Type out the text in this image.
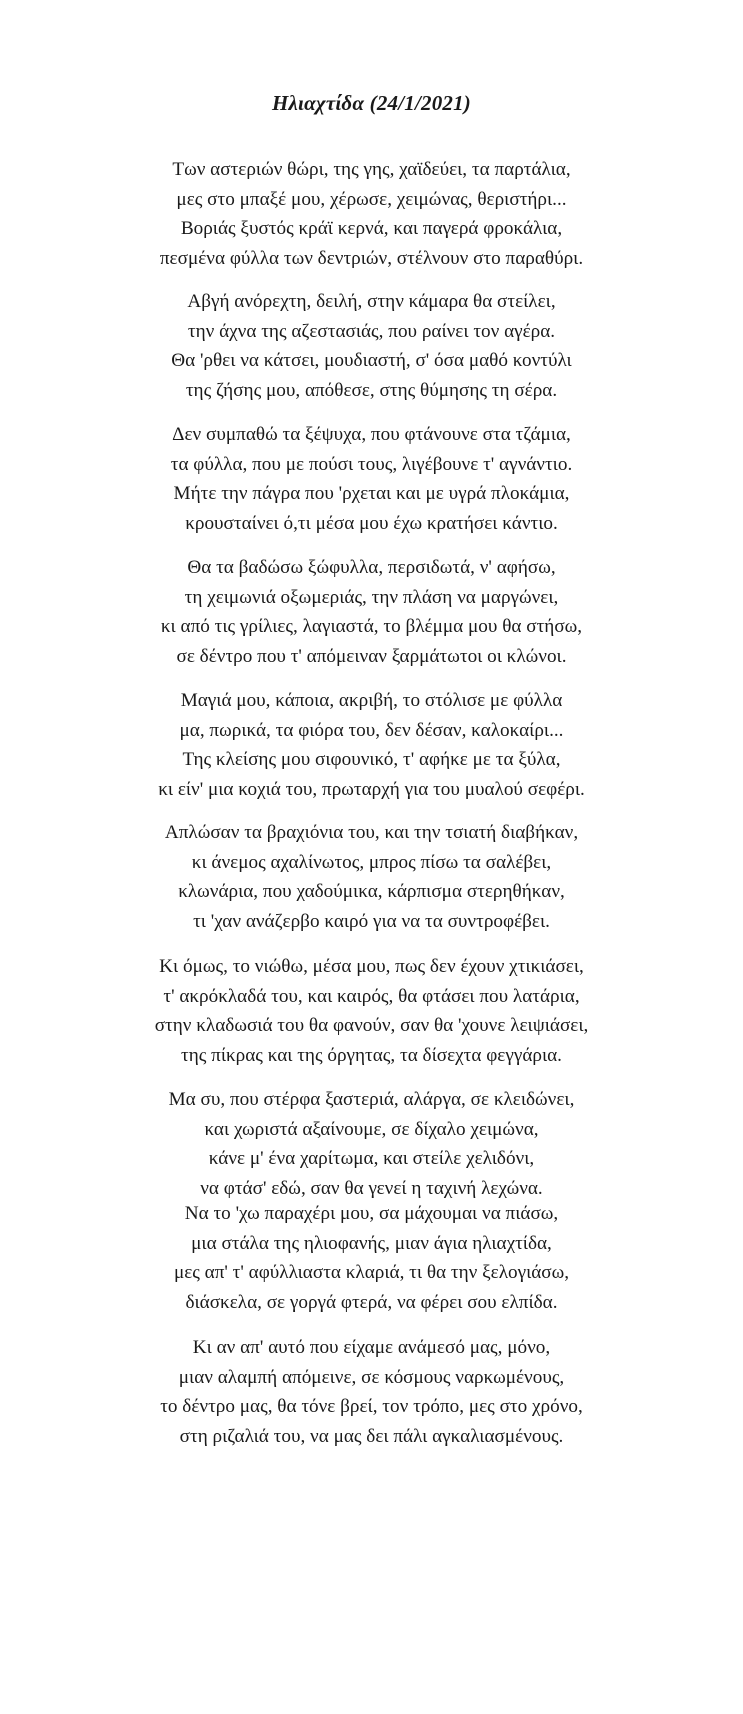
Ηλιαχτίδα (24/1/2021)
Των αστεριών θώρι, της γης, χαϊδεύει, τα παρτάλια,
μες στο μπαξέ μου, χέρωσε, χειμώνας, θεριστήρι...
Βοριάς ξυστός κράϊ κερνά, και παγερά φροκάλια,
πεσμένα φύλλα των δεντριών, στέλνουν στο παραθύρι.
Αβγή ανόρεχτη, δειλή, στην κάμαρα θα στείλει,
την άχνα της αζεστασιάς, που ραίνει τον αγέρα.
Θα 'ρθει να κάτσει, μουδιαστή, σ' όσα μαθό κοντύλι
της ζήσης μου, απόθεσε, στης θύμησης τη σέρα.
Δεν συμπαθώ τα ξέψυχα, που φτάνουνε στα τζάμια,
τα φύλλα, που με πούσι τους, λιγέβουνε τ' αγνάντιο.
Μήτε την πάγρα που 'ρχεται και με υγρά πλοκάμια,
κρουσταίνει ό,τι μέσα μου έχω κρατήσει κάντιο.
Θα τα βαδώσω ξώφυλλα, περσιδωτά, ν' αφήσω,
τη χειμωνιά οξωμεριάς, την πλάση να μαργώνει,
κι από τις γρίλιες, λαγιαστά, το βλέμμα μου θα στήσω,
σε δέντρο που τ' απόμειναν ξαρμάτωτοι οι κλώνοι.
Μαγιά μου, κάποια, ακριβή, το στόλισε με φύλλα
μα, πωρικά, τα φιόρα του, δεν δέσαν, καλοκαίρι...
Της κλείσης μου σιφουνικό, τ' αφήκε με τα ξύλα,
κι είν' μια κοχιά του, πρωταρχή για του μυαλού σεφέρι.
Απλώσαν τα βραχιόνια του, και την τσιατή διαβήκαν,
κι άνεμος αχαλίνωτος, μπρος πίσω τα σαλέβει,
κλωνάρια, που χαδούμικα, κάρπισμα στερηθήκαν,
τι 'χαν ανάζερβο καιρό για να τα συντροφέβει.
Κι όμως, το νιώθω, μέσα μου, πως δεν έχουν χτικιάσει,
τ' ακρόκλαδά του, και καιρός, θα φτάσει που λατάρια,
στην κλαδωσιά του θα φανούν, σαν θα 'χουνε λειψιάσει,
της πίκρας και της όργητας, τα δίσεχτα φεγγάρια.
Μα συ, που στέρφα ξαστεριά, αλάργα, σε κλειδώνει,
και χωριστά αξαίνουμε, σε δίχαλο χειμώνα,
κάνε μ' ένα χαρίτωμα, και στείλε χελιδόνι,
να φτάσ' εδώ, σαν θα γενεί η ταχινή λεχώνα.
Να το 'χω παραχέρι μου, σα μάχουμαι να πιάσω,
μια στάλα της ηλιοφανής, μιαν άγια ηλιαχτίδα,
μες απ' τ' αφύλλιαστα κλαριά, τι θα την ξελογιάσω,
διάσκελα, σε γοργά φτερά, να φέρει σου ελπίδα.
Κι αν απ' αυτό που είχαμε ανάμεσό μας, μόνο,
μιαν αλαμπή απόμεινε, σε κόσμους ναρκωμένους,
το δέντρο μας, θα τόνε βρεί, τον τρόπο, μες στο χρόνο,
στη ριζαλιά του, να μας δει πάλι αγκαλιασμένους.
